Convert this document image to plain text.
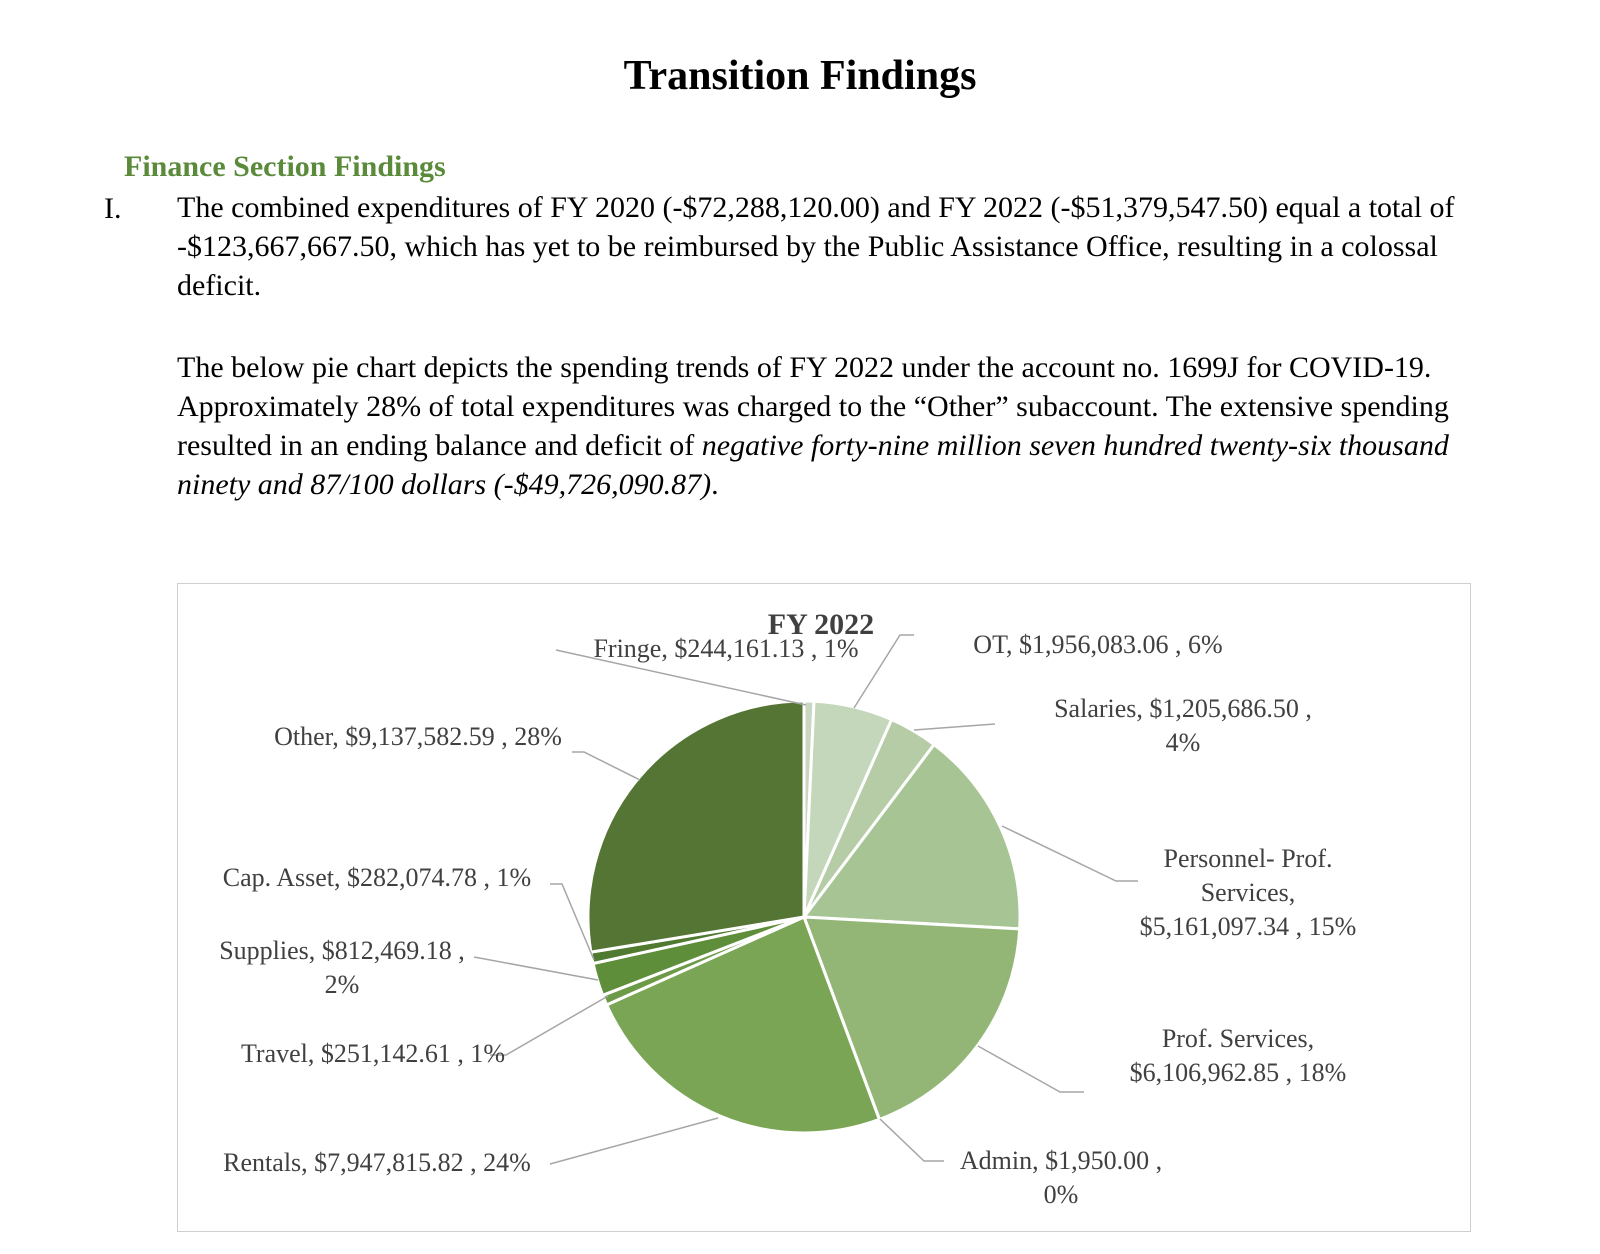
Transition Findings
Finance Section Findings
I. The combined expenditures of FY 2020 (-$72,288,120.00) and FY 2022 (-$51,379,547.50) equal a total of -$123,667,667.50, which has yet to be reimbursed by the Public Assistance Office, resulting in a colossal deficit.

The below pie chart depicts the spending trends of FY 2022 under the account no. 1699J for COVID-19. Approximately 28% of total expenditures was charged to the “Other” subaccount. The extensive spending resulted in an ending balance and deficit of negative forty-nine million seven hundred twenty-six thousand ninety and 87/100 dollars (-$49,726,090.87).

FY 2022
Fringe, $244,161.13 , 1%	OT, $1,956,083.06 , 6%
Salaries, $1,205,686.50 ,
4%
Personnel- Prof.
Services,
$5,161,097.34 , 15%
Prof. Services,
$6,106,962.85 , 18%
Admin, $1,950.00 ,
0%
Rentals, $7,947,815.82 , 24%
Travel, $251,142.61 , 1%
Supplies, $812,469.18 ,
2%
Cap. Asset, $282,074.78 , 1%
Other, $9,137,582.59 , 28%
